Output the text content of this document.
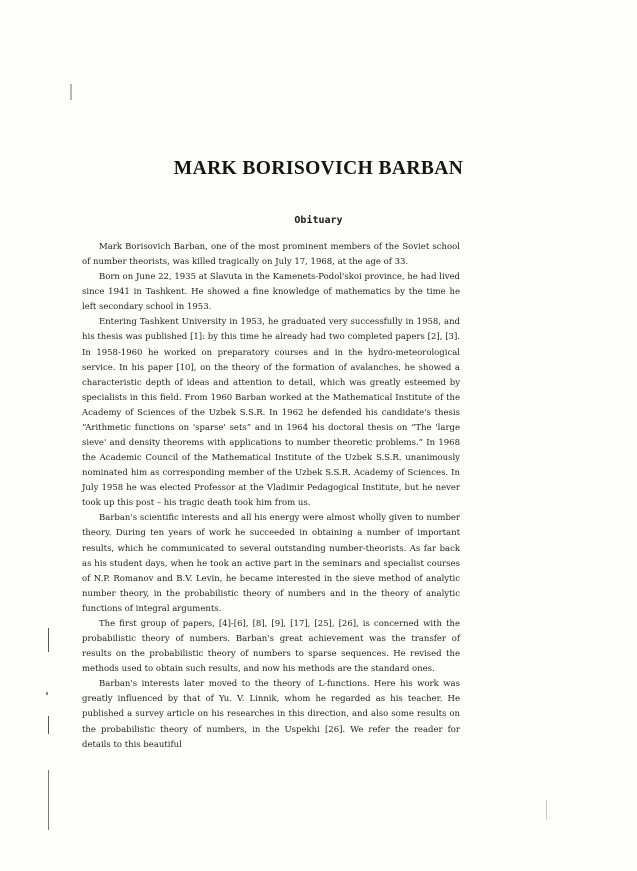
MARK BORISOVICH BARBAN
Obituary

Mark Borisovich Barban, one of the most prominent members of the Soviet school of number theorists, was killed tragically on July 17, 1968, at the age of 33.

Born on June 22, 1935 at Slavuta in the Kamenets-Podol'skoi province, he had lived since 1941 in Tashkent. He showed a fine knowledge of mathematics by the time he left secondary school in 1953.

Entering Tashkent University in 1953, he graduated very successfully in 1958, and his thesis was published [1]: by this time he already had two completed papers [2], [3]. In 1958-1960 he worked on preparatory courses and in the hydro-meteorological service. In his paper [10], on the theory of the formation of avalanches, he showed a characteristic depth of ideas and attention to detail, which was greatly esteemed by specialists in this field. From 1960 Barban worked at the Mathematical Institute of the Academy of Sciences of the Uzbek S.S.R. In 1962 he defended his candidate's thesis “Arithmetic functions on 'sparse' sets” and in 1964 his doctoral thesis on “The 'large sieve' and density theorems with applications to number theoretic problems.” In 1968 the Academic Council of the Mathematical Institute of the Uzbek S.S.R. unanimously nominated him as corresponding member of the Uzbek S.S.R. Academy of Sciences. In July 1958 he was elected Professor at the Vladimir Pedagogical Institute, but he never took up this post – his tragic death took him from us.

Barban's scientific interests and all his energy were almost wholly given to number theory. During ten years of work he succeeded in obtaining a number of important results, which he communicated to several outstanding number-theorists. As far back as his student days, when he took an active part in the seminars and specialist courses of N.P. Romanov and B.V. Levin, he became interested in the sieve method of analytic number theory, in the probabilistic theory of numbers and in the theory of analytic functions of integral arguments.

The first group of papers, [4]-[6], [8], [9], [17], [25], [26], is concerned with the probabilistic theory of numbers. Barban's great achievement was the transfer of results on the probabilistic theory of numbers to sparse sequences. He revised the methods used to obtain such results, and now his methods are the standard ones.

Barban's interests later moved to the theory of L-functions. Here his work was greatly influenced by that of Yu. V. Linnik, whom he regarded as his teacher. He published a survey article on his researches in this direction, and also some results on the probabilistic theory of numbers, in the Uspekhi [26]. We refer the reader for details to this beautiful
